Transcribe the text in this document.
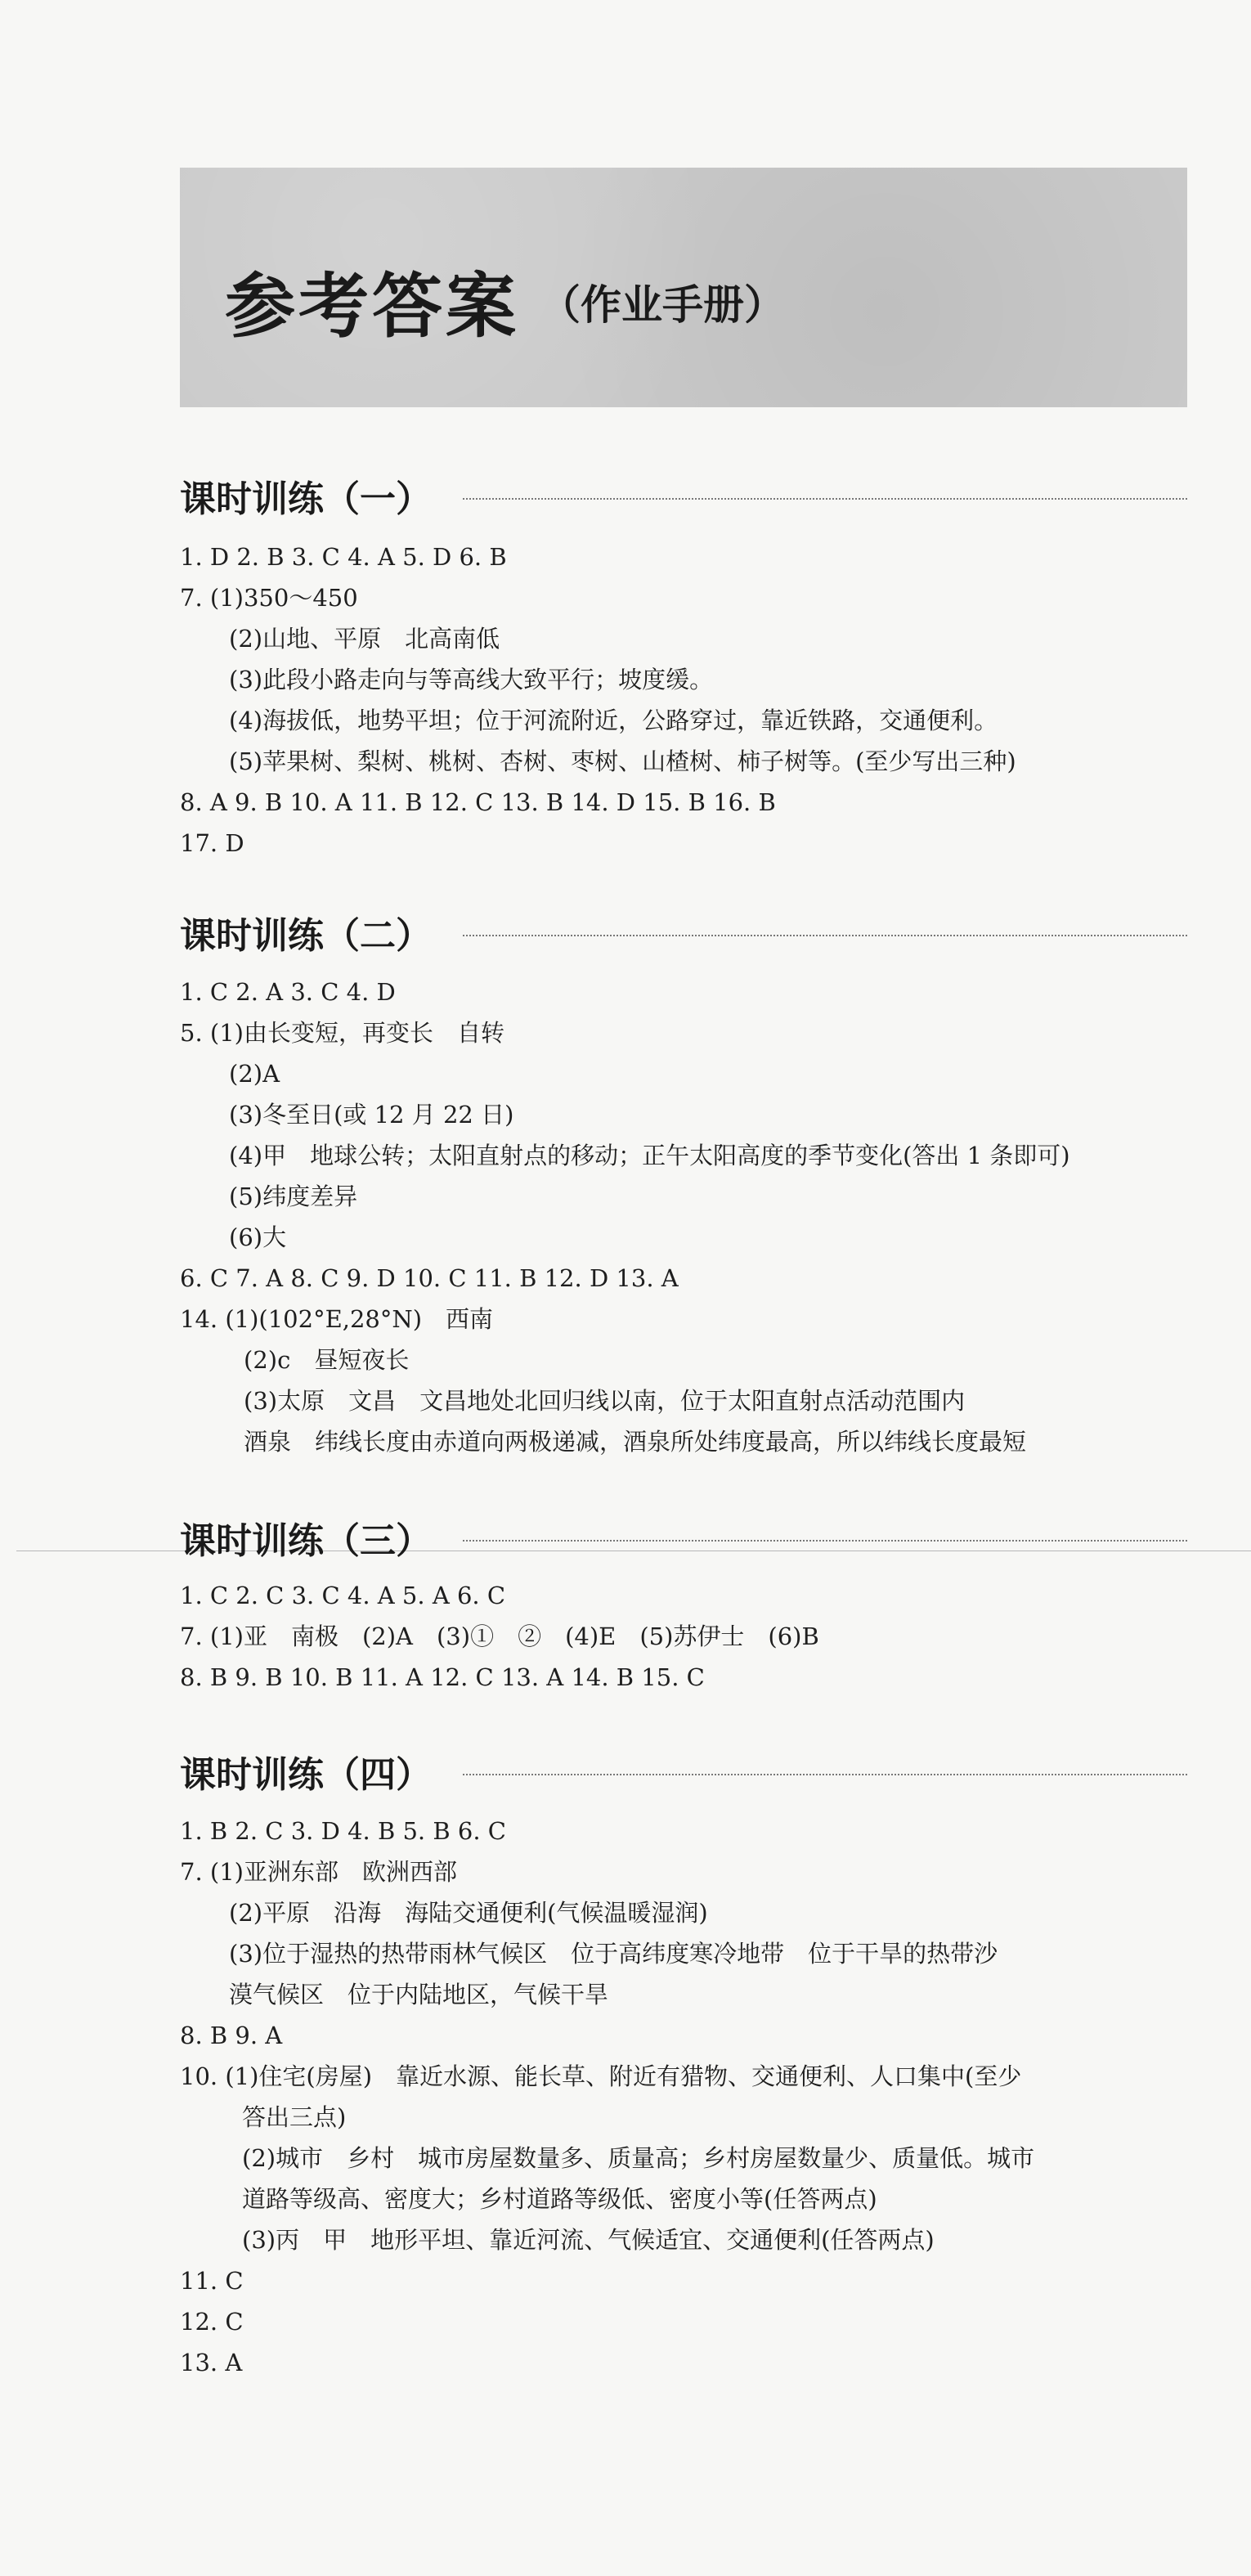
参考答案 （作业手册）
课时训练（一）
1. D 2. B 3. C 4. A 5. D 6. B
7. (1)350～450
(2)山地、平原　北高南低
(3)此段小路走向与等高线大致平行；坡度缓。
(4)海拔低，地势平坦；位于河流附近，公路穿过，靠近铁路，交通便利。
(5)苹果树、梨树、桃树、杏树、枣树、山楂树、柿子树等。(至少写出三种)
8. A 9. B 10. A 11. B 12. C 13. B 14. D 15. B 16. B
17. D
课时训练（二）
1. C 2. A 3. C 4. D
5. (1)由长变短，再变长　自转
(2)A
(3)冬至日(或 12 月 22 日)
(4)甲　地球公转；太阳直射点的移动；正午太阳高度的季节变化(答出 1 条即可)
(5)纬度差异
(6)大
6. C 7. A 8. C 9. D 10. C 11. B 12. D 13. A
14. (1)(102°E,28°N)　西南
(2)c　昼短夜长
(3)太原　文昌　文昌地处北回归线以南，位于太阳直射点活动范围内
酒泉　纬线长度由赤道向两极递减，酒泉所处纬度最高，所以纬线长度最短
课时训练（三）
1. C 2. C 3. C 4. A 5. A 6. C
7. (1)亚　南极　(2)A　(3)①　②　(4)E　(5)苏伊士　(6)B
8. B 9. B 10. B 11. A 12. C 13. A 14. B 15. C
课时训练（四）
1. B 2. C 3. D 4. B 5. B 6. C
7. (1)亚洲东部　欧洲西部
(2)平原　沿海　海陆交通便利(气候温暖湿润)
(3)位于湿热的热带雨林气候区　位于高纬度寒冷地带　位于干旱的热带沙
漠气候区　位于内陆地区，气候干旱
8. B 9. A
10. (1)住宅(房屋)　靠近水源、能长草、附近有猎物、交通便利、人口集中(至少
答出三点)
(2)城市　乡村　城市房屋数量多、质量高；乡村房屋数量少、质量低。城市
道路等级高、密度大；乡村道路等级低、密度小等(任答两点)
(3)丙　甲　地形平坦、靠近河流、气候适宜、交通便利(任答两点)
11. C
12. C
13. A
